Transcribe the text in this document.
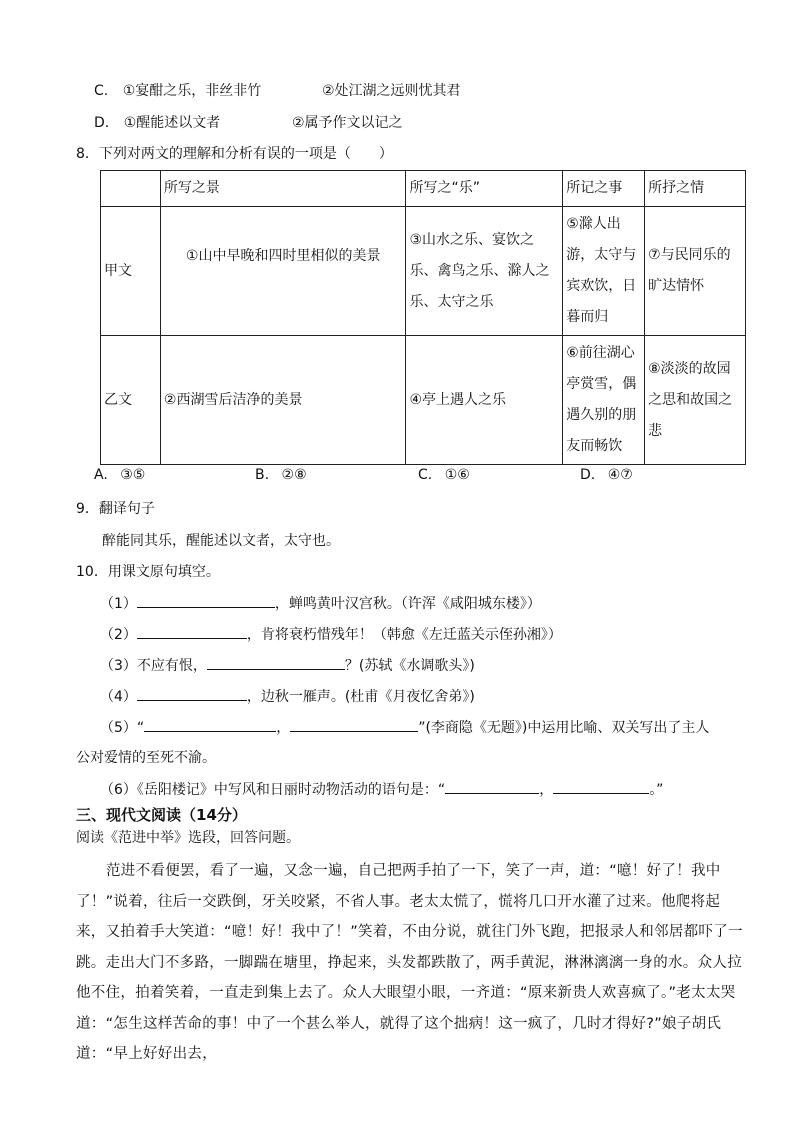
C. ①宴酣之乐，非丝非竹	②处江湖之远则忧其君
D. ①醒能述以文者	②属予作文以记之
8．下列对两文的理解和分析有误的一项是（　　）
	所写之景	所写之“乐”	所记之事	所抒之情
甲文	①山中早晚和四时里相似的美景	③山水之乐、宴饮之乐、禽鸟之乐、滁人之乐、太守之乐	⑤滁人出游，太守与宾欢饮，日暮而归	⑦与民同乐的旷达情怀
乙文	②西湖雪后洁净的美景	④亭上遇人之乐	⑥前往湖心亭赏雪，偶遇久别的朋友而畅饮	⑧淡淡的故园之思和故国之悲
A. ③⑤	B. ②⑧	C. ①⑥	D. ④⑦
9．翻译句子
醉能同其乐，醒能述以文者，太守也。
10．用课文原句填空。
（1）	，蝉鸣黄叶汉宫秋。（许浑《咸阳城东楼》）
（2）	，肯将衰朽惜残年！（韩愈《左迁蓝关示侄孙湘》）
（3）不应有恨，	？(苏轼《水调歌头》)
（4）	，边秋一雁声。(杜甫《月夜忆舍弟》)
（5）“	，	”(李商隐《无题》)中运用比喻、双关写出了主人
公对爱情的至死不渝。
（6）《岳阳楼记》中写风和日丽时动物活动的语句是：“	，	。”
三、现代文阅读（14分）
阅读《范进中举》选段，回答问题。
范进不看便罢，看了一遍，又念一遍，自己把两手拍了一下，笑了一声，道：“噫！好了！我中了！”说着，往后一交跌倒，牙关咬紧，不省人事。老太太慌了，慌将几口开水灌了过来。他爬将起来，又拍着手大笑道：“噫！好！我中了！”笑着，不由分说，就往门外飞跑，把报录人和邻居都吓了一跳。走出大门不多路，一脚踹在塘里，挣起来，头发都跌散了，两手黄泥，淋淋漓漓一身的水。众人拉他不住，拍着笑着，一直走到集上去了。众人大眼望小眼，一齐道：“原来新贵人欢喜疯了。”老太太哭道：“怎生这样苦命的事！中了一个甚么举人，就得了这个拙病！这一疯了，几时才得好?”娘子胡氏道：“早上好好出去，
